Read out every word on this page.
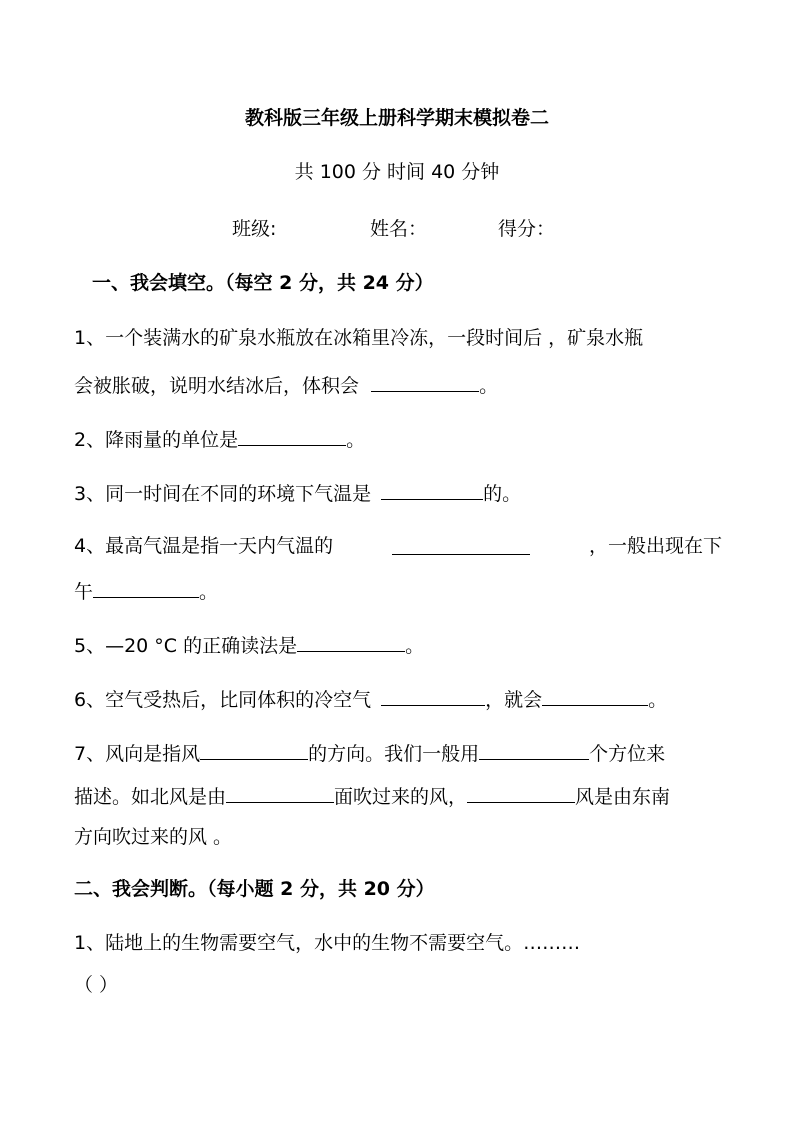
教科版三年级上册科学期末模拟卷二
共 100 分 时间 40 分钟
班级:	姓名：	得分：
一、我会填空。（每空 2 分，共 24 分）
1、一个装满水的矿泉水瓶放在冰箱里冷冻，一段时间后 ，矿泉水瓶
会被胀破，说明水结冰后，体积会	。
2、降雨量的单位是	。
3、同一时间在不同的环境下气温是	的。
4、最高气温是指一天内气温的	，一般出现在下
午	。
5、—20 °C 的正确读法是	。
6、空气受热后，比同体积的冷空气	，就会	。
7、风向是指风	的方向。我们一般用	个方位来
描述。如北风是由	面吹过来的风，	风是由东南
方向吹过来的风 。
二、我会判断。（每小题 2 分，共 20 分）
1、陆地上的生物需要空气，水中的生物不需要空气。………
（ ）
